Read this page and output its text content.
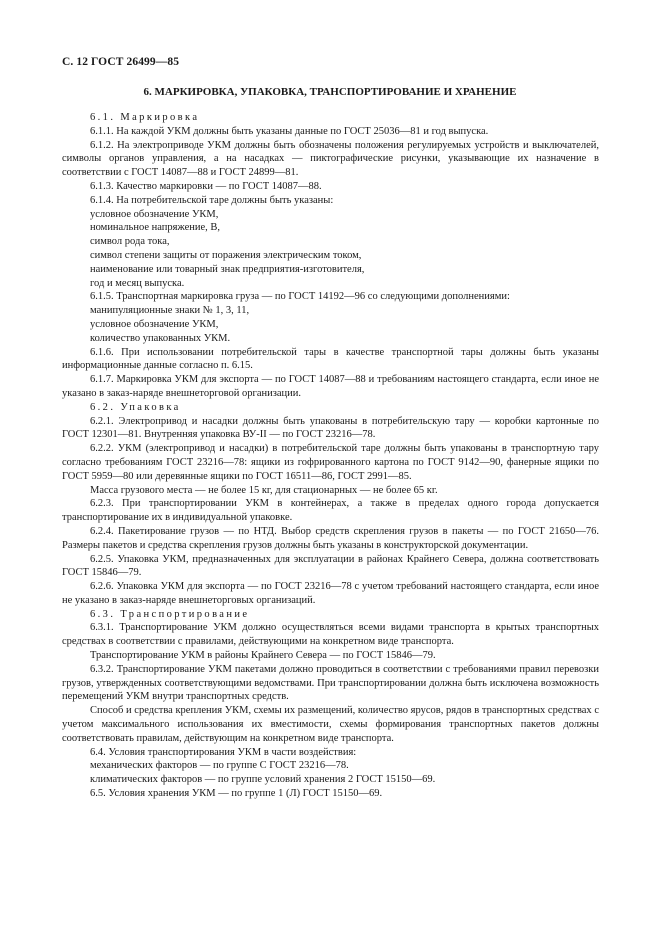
С. 12 ГОСТ 26499—85
6. МАРКИРОВКА, УПАКОВКА, ТРАНСПОРТИРОВАНИЕ И ХРАНЕНИЕ

6.1. Маркировка

6.1.1. На каждой УКМ должны быть указаны данные по ГОСТ 25036—81 и год выпуска.

6.1.2. На электроприводе УКМ должны быть обозначены положения регулируемых устройств и выключателей, символы органов управления, а на насадках — пиктографические рисунки, указывающие их назначение в соответствии с ГОСТ 14087—88 и ГОСТ 24899—81.

6.1.3. Качество маркировки — по ГОСТ 14087—88.

6.1.4. На потребительской таре должны быть указаны:

условное обозначение УКМ,

номинальное напряжение, В,

символ рода тока,

символ степени защиты от поражения электрическим током,

наименование или товарный знак предприятия-изготовителя,

год и месяц выпуска.

6.1.5. Транспортная маркировка груза — по ГОСТ 14192—96 со следующими дополнениями:

манипуляционные знаки № 1, 3, 11,

условное обозначение УКМ,

количество упакованных УКМ.

6.1.6. При использовании потребительской тары в качестве транспортной тары должны быть указаны информационные данные согласно п. 6.15.

6.1.7. Маркировка УКМ для экспорта — по ГОСТ 14087—88 и требованиям настоящего стандарта, если иное не указано в заказ-наряде внешнеторговой организации.

6.2. Упаковка

6.2.1. Электропривод и насадки должны быть упакованы в потребительскую тару — коробки картонные по ГОСТ 12301—81. Внутренняя упаковка ВУ-II — по ГОСТ 23216—78.

6.2.2. УКМ (электропривод и насадки) в потребительской таре должны быть упакованы в транспортную тару согласно требованиям ГОСТ 23216—78: ящики из гофрированного картона по ГОСТ 9142—90, фанерные ящики по ГОСТ 5959—80 или деревянные ящики по ГОСТ 16511—86, ГОСТ 2991—85.

Масса грузового места — не более 15 кг, для стационарных — не более 65 кг.

6.2.3. При транспортировании УКМ в контейнерах, а также в пределах одного города допускается транспортирование их в индивидуальной упаковке.

6.2.4. Пакетирование грузов — по НТД. Выбор средств скрепления грузов в пакеты — по ГОСТ 21650—76. Размеры пакетов и средства скрепления грузов должны быть указаны в конструкторской документации.

6.2.5. Упаковка УКМ, предназначенных для эксплуатации в районах Крайнего Севера, должна соответствовать ГОСТ 15846—79.

6.2.6. Упаковка УКМ для экспорта — по ГОСТ 23216—78 с учетом требований настоящего стандарта, если иное не указано в заказ-наряде внешнеторговых организаций.

6.3. Транспортирование

6.3.1. Транспортирование УКМ должно осуществляться всеми видами транспорта в крытых транспортных средствах в соответствии с правилами, действующими на конкретном виде транспорта.

Транспортирование УКМ в районы Крайнего Севера — по ГОСТ 15846—79.

6.3.2. Транспортирование УКМ пакетами должно проводиться в соответствии с требованиями правил перевозки грузов, утвержденных соответствующими ведомствами. При транспортировании должна быть исключена возможность перемещений УКМ внутри транспортных средств.

Способ и средства крепления УКМ, схемы их размещений, количество ярусов, рядов в транспортных средствах с учетом максимального использования их вместимости, схемы формирования транспортных пакетов должны соответствовать правилам, действующим на конкретном виде транспорта.

6.4. Условия транспортирования УКМ в части воздействия:

механических факторов — по группе С ГОСТ 23216—78.

климатических факторов — по группе условий хранения 2 ГОСТ 15150—69.

6.5. Условия хранения УКМ — по группе 1 (Л) ГОСТ 15150—69.
